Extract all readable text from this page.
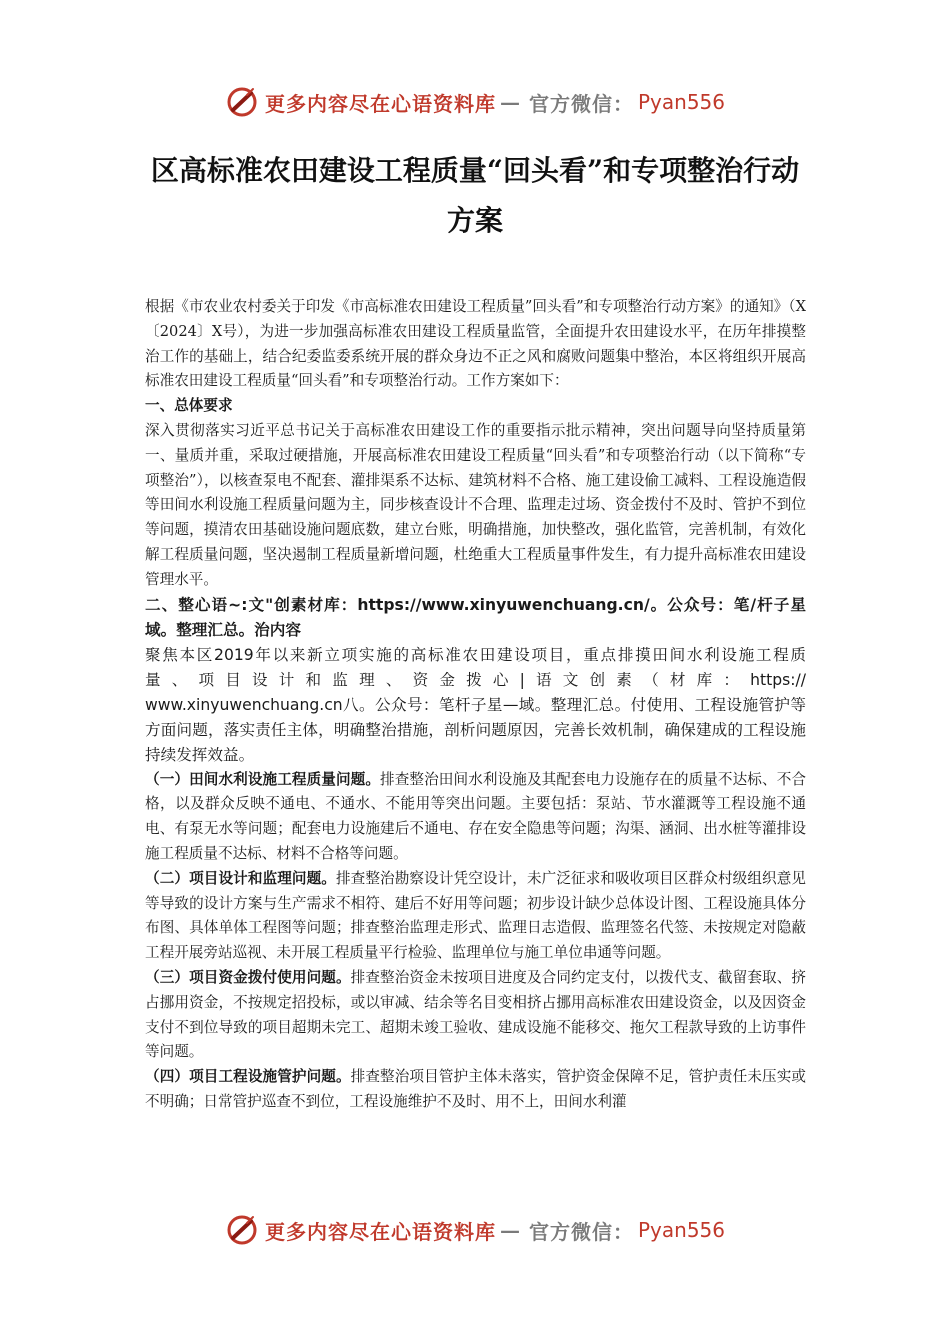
更多内容尽在心语资料库 — 官方微信： Pyan556
区高标准农田建设工程质量“回头看”和专项整治行动方案

根据《市农业农村委关于印发《市高标准农田建设工程质量”回头看”和专项整治行动方案》的通知》（X〔2024〕X号），为进一步加强高标准农田建设工程质量监管，全面提升农田建设水平，在历年排摸整治工作的基础上，结合纪委监委系统开展的群众身边不正之风和腐败问题集中整治，本区将组织开展高标准农田建设工程质量“回头看”和专项整治行动。工作方案如下：

一、总体要求

深入贯彻落实习近平总书记关于高标准农田建设工作的重要指示批示精神，突出问题导向坚持质量第一、量质并重，采取过硬措施，开展高标准农田建设工程质量“回头看”和专项整治行动（以下简称“专项整治”），以核查泵电不配套、灌排渠系不达标、建筑材料不合格、施工建设偷工减料、工程设施造假等田间水利设施工程质量问题为主，同步核查设计不合理、监理走过场、资金拨付不及时、管护不到位等问题，摸清农田基础设施问题底数，建立台账，明确措施，加快整改，强化监管，完善机制，有效化解工程质量问题，坚决遏制工程质量新增问题，杜绝重大工程质量事件发生，有力提升高标准农田建设管理水平。

二、整心语~:文"创素材库：https://www.xinyuwenchuang.cn/。公众号：笔/杆子星域。整理汇总。治内容

聚焦本区2019年以来新立项实施的高标准农田建设项目，重点排摸田间水利设施工程质

量、项目设计和监理、资金拨心|语文创素（材库：https://

www.xinyuwenchuang.cn八。公众号：笔杆子星—域。整理汇总。付使用、工程设施管护等方面问题，落实责任主体，明确整治措施，剖析问题原因，完善长效机制，确保建成的工程设施持续发挥效益。

（一）田间水利设施工程质量问题。排查整治田间水利设施及其配套电力设施存在的质量不达标、不合格，以及群众反映不通电、不通水、不能用等突出问题。主要包括：泵站、节水灌溉等工程设施不通电、有泵无水等问题；配套电力设施建后不通电、存在安全隐患等问题；沟渠、涵洞、出水桩等灌排设施工程质量不达标、材料不合格等问题。

（二）项目设计和监理问题。排查整治勘察设计凭空设计，未广泛征求和吸收项目区群众村级组织意见等导致的设计方案与生产需求不相符、建后不好用等问题；初步设计缺少总体设计图、工程设施具体分布图、具体单体工程图等问题；排查整治监理走形式、监理日志造假、监理签名代签、未按规定对隐蔽工程开展旁站巡视、未开展工程质量平行检验、监理单位与施工单位串通等问题。

（三）项目资金拨付使用问题。排查整治资金未按项目进度及合同约定支付，以拨代支、截留套取、挤占挪用资金，不按规定招投标，或以审减、结余等名目变相挤占挪用高标准农田建设资金，以及因资金支付不到位导致的项目超期未完工、超期未竣工验收、建成设施不能移交、拖欠工程款导致的上访事件等问题。

（四）项目工程设施管护问题。排查整治项目管护主体未落实，管护资金保障不足，管护责任未压实或不明确；日常管护巡查不到位，工程设施维护不及时、用不上，田间水利灌

更多内容尽在心语资料库 — 官方微信： Pyan556
